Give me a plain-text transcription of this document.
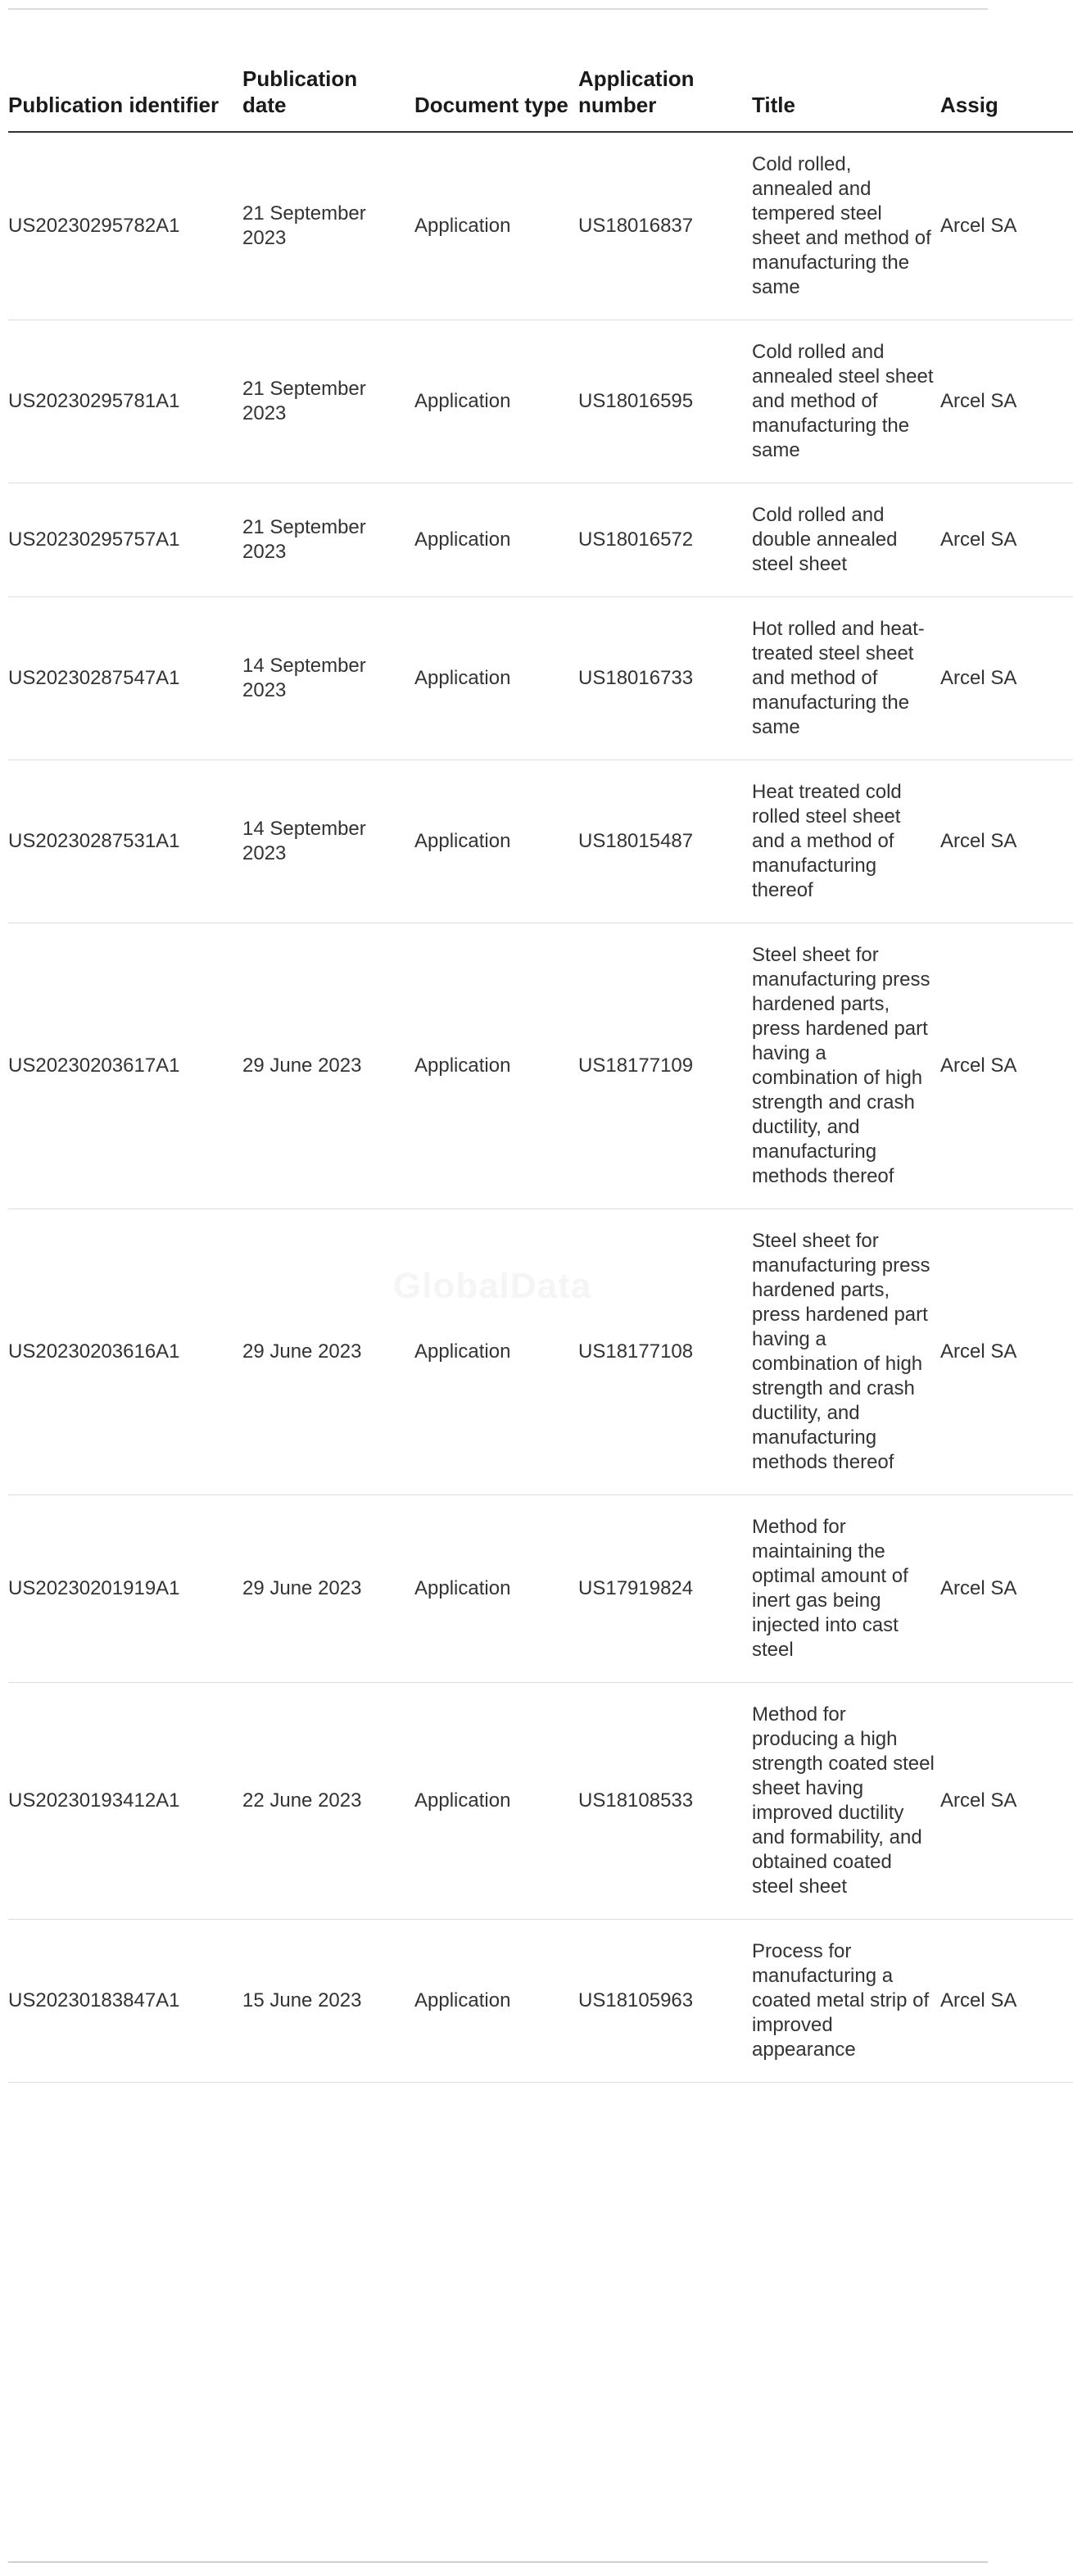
GlobalData
Publication identifier	Publication date	Document type	Application number	Title	Assig
US20230295782A1	21 September 2023	Application	US18016837	Cold rolled, annealed and tempered steel sheet and method of manufacturing the same	Arcel SA
US20230295781A1	21 September 2023	Application	US18016595	Cold rolled and annealed steel sheet and method of manufacturing the same	Arcel SA
US20230295757A1	21 September 2023	Application	US18016572	Cold rolled and double annealed steel sheet	Arcel SA
US20230287547A1	14 September 2023	Application	US18016733	Hot rolled and heat-treated steel sheet and method of manufacturing the same	Arcel SA
US20230287531A1	14 September 2023	Application	US18015487	Heat treated cold rolled steel sheet and a method of manufacturing thereof	Arcel SA
US20230203617A1	29 June 2023	Application	US18177109	Steel sheet for manufacturing press hardened parts, press hardened part having a combination of high strength and crash ductility, and manufacturing methods thereof	Arcel SA
US20230203616A1	29 June 2023	Application	US18177108	Steel sheet for manufacturing press hardened parts, press hardened part having a combination of high strength and crash ductility, and manufacturing methods thereof	Arcel SA
US20230201919A1	29 June 2023	Application	US17919824	Method for maintaining the optimal amount of inert gas being injected into cast steel	Arcel SA
US20230193412A1	22 June 2023	Application	US18108533	Method for producing a high strength coated steel sheet having improved ductility and formability, and obtained coated steel sheet	Arcel SA
US20230183847A1	15 June 2023	Application	US18105963	Process for manufacturing a coated metal strip of improved appearance	Arcel SA
